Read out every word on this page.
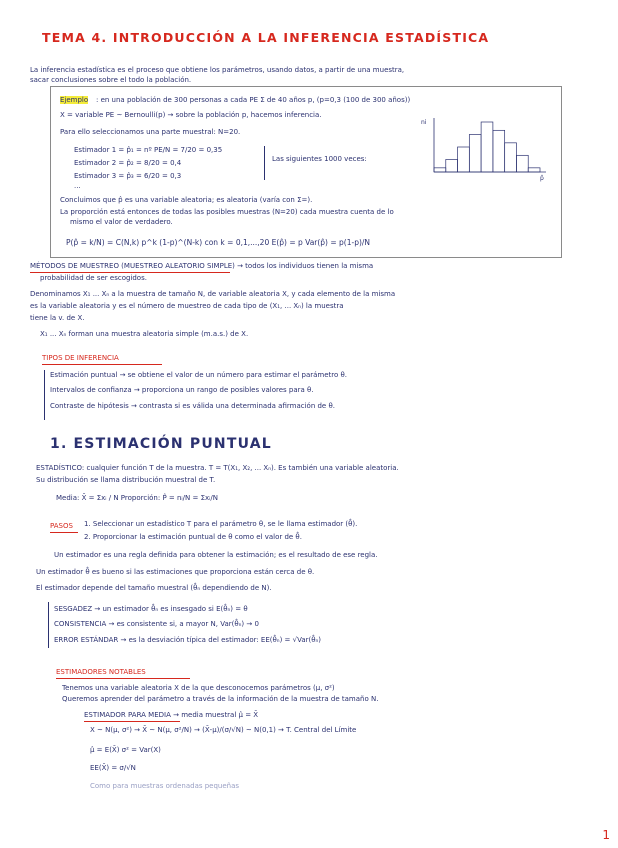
TEMA 4. INTRODUCCIÓN A LA INFERENCIA ESTADÍSTICA
La inferencia estadística es el proceso que obtiene los parámetros, usando datos, a partir de una muestra,
sacar conclusiones sobre el todo la población.
Ejemplo : en una población de 300 personas a cada PE Σ de 40 años p, (p=0,3 (100 de 300 años))
X = variable PE ~ Bernoulli(p) → sobre la población p, hacemos inferencia.
Para ello seleccionamos una parte muestral: N=20.
Estimador 1 = p̂₁ = nº PE/N = 7/20 = 0,35
Estimador 2 = p̂₂ = 8/20 = 0,4
Estimador 3 = p̂₃ = 6/20 = 0,3
...
Las siguientes 1000 veces:
ni
p̂
Concluimos que p̂ es una variable aleatoria; es aleatoria (varía con Σ=).
La proporción está entonces de todas las posibles muestras (N=20) cada muestra cuenta de lo
mismo el valor de verdadero.
P(p̂ = k/N) = C(N,k) p^k (1-p)^(N-k) con k = 0,1,...,20 E(p̂) = p Var(p̂) = p(1-p)/N
MÉTODOS DE MUESTREO (MUESTREO ALEATORIO SIMPLE) → todos los individuos tienen la misma
probabilidad de ser escogidos.
Denominamos X₁ ... Xₙ a la muestra de tamaño N, de variable aleatoria X, y cada elemento de la misma
es la variable aleatoria y es el número de muestreo de cada tipo de (X₁, ... Xₙ) la muestra
tiene la v. de X.
X₁ ... Xₙ forman una muestra aleatoria simple (m.a.s.) de X.
TIPOS DE INFERENCIA
Estimación puntual → se obtiene el valor de un número para estimar el parámetro θ.
Intervalos de confianza → proporciona un rango de posibles valores para θ.
Contraste de hipótesis → contrasta si es válida una determinada afirmación de θ.
1. ESTIMACIÓN PUNTUAL
ESTADÍSTICO: cualquier función T de la muestra. T = T(X₁, X₂, ... Xₙ). Es también una variable aleatoria.
Su distribución se llama distribución muestral de T.
Media: X̄ = Σxᵢ / N Proporción: P̂ = nᵢ/N = Σxᵢ/N
PASOS 1. Seleccionar un estadístico T para el parámetro θ, se le llama estimador (θ̂).
2. Proporcionar la estimación puntual de θ como el valor de θ̂.
Un estimador es una regla definida para obtener la estimación; es el resultado de ese regla.
Un estimador θ̂ es bueno si las estimaciones que proporciona están cerca de θ.
El estimador depende del tamaño muestral (θ̂ₙ dependiendo de N).
SESGADEZ → un estimador θ̂ₙ es insesgado si E(θ̂ₙ) = θ
CONSISTENCIA → es consistente si, a mayor N, Var(θ̂ₙ) → 0
ERROR ESTÁNDAR → es la desviación típica del estimador: EE(θ̂ₙ) = √Var(θ̂ₙ)
ESTIMADORES NOTABLES
Tenemos una variable aleatoria X de la que desconocemos parámetros (μ, σ²)
Queremos aprender del parámetro a través de la información de la muestra de tamaño N.
ESTIMADOR PARA MEDIA → media muestral μ̂ = X̄
X ~ N(μ, σ²) → X̄ ~ N(μ, σ²/N) → (X̄-μ)/(σ/√N) ~ N(0,1) → T. Central del Límite
μ̂ = E(X̄) σ² = Var(X)
EE(X̄) = σ/√N
Como para muestras ordenadas pequeñas
1
